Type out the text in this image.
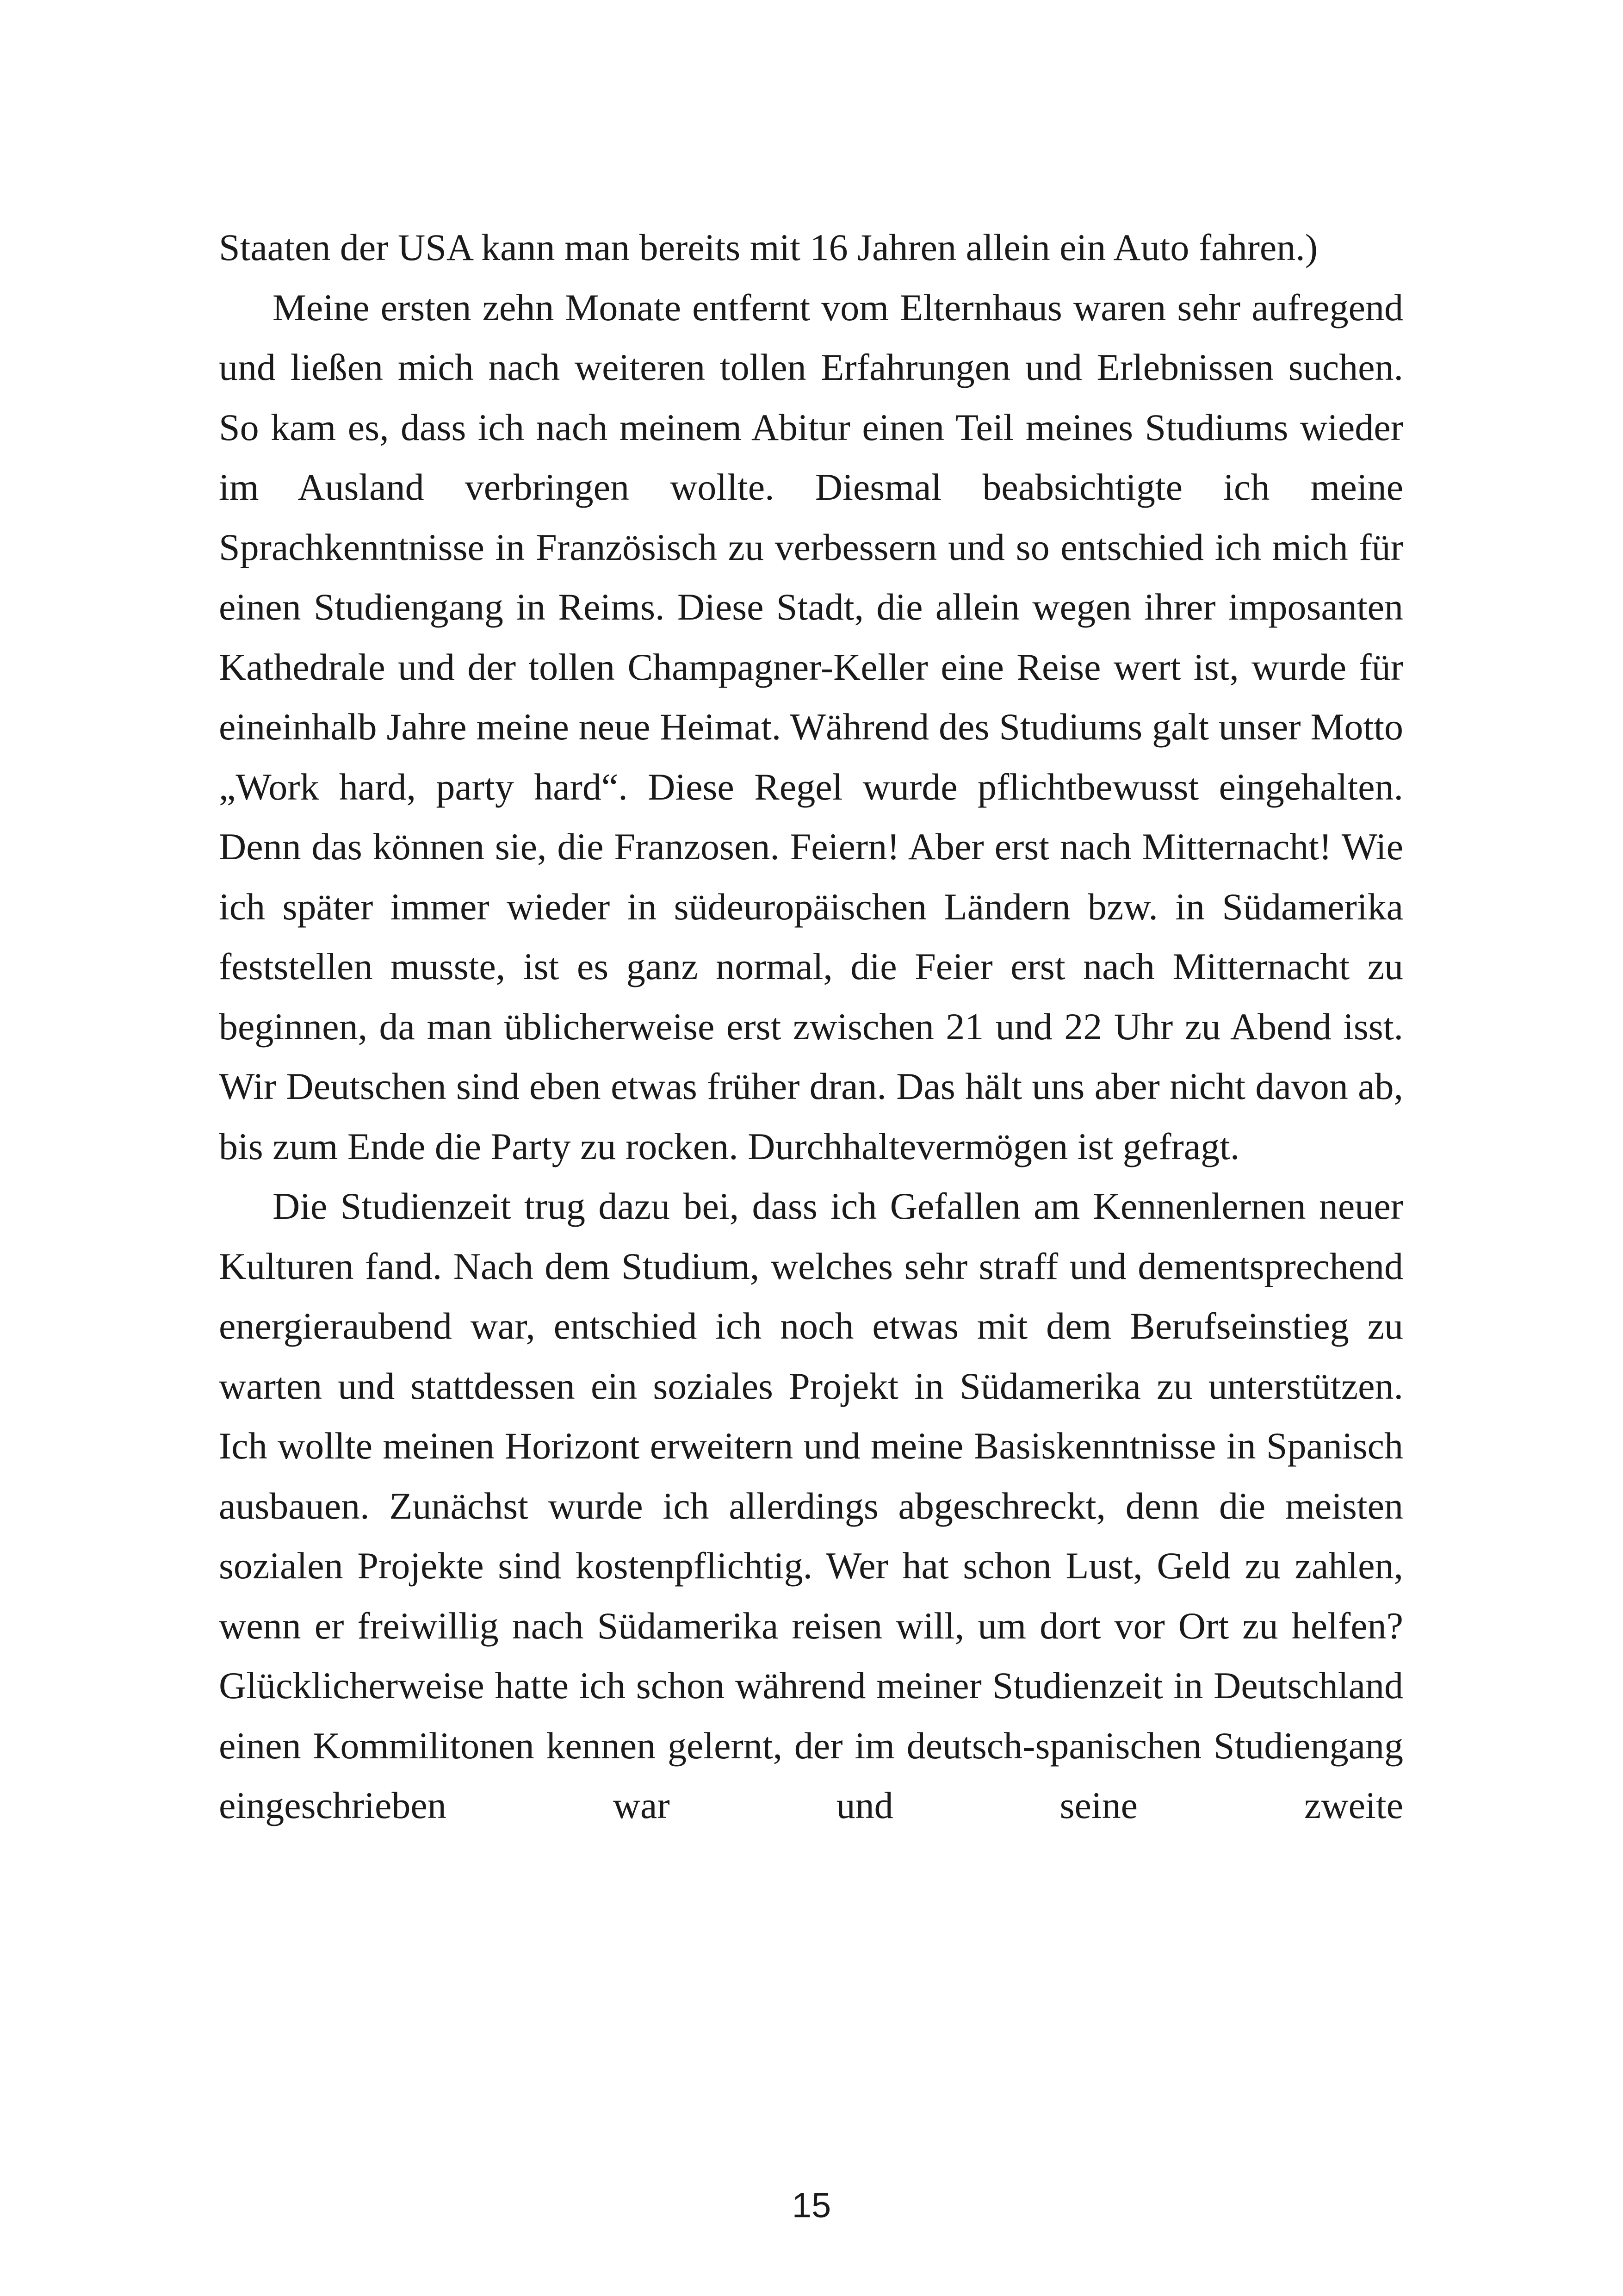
Staaten der USA kann man bereits mit 16 Jahren allein ein Auto fahren.)

Meine ersten zehn Monate entfernt vom Elternhaus waren sehr aufregend und ließen mich nach weiteren tollen Erfahrungen und Erlebnissen suchen. So kam es, dass ich nach meinem Abitur einen Teil meines Studiums wieder im Ausland verbringen wollte. Diesmal beabsichtigte ich meine Sprachkenntnisse in Französisch zu verbessern und so entschied ich mich für einen Studiengang in Reims. Diese Stadt, die allein wegen ihrer imposanten Kathedrale und der tollen Champagner-Keller eine Reise wert ist, wurde für eineinhalb Jahre meine neue Heimat. Während des Studiums galt unser Motto „Work hard, party hard“. Diese Regel wurde pflichtbewusst eingehalten. Denn das können sie, die Franzosen. Feiern! Aber erst nach Mitternacht! Wie ich später immer wieder in südeuropäischen Ländern bzw. in Südamerika feststellen musste, ist es ganz normal, die Feier erst nach Mitternacht zu beginnen, da man üblicherweise erst zwischen 21 und 22 Uhr zu Abend isst. Wir Deutschen sind eben etwas früher dran. Das hält uns aber nicht davon ab, bis zum Ende die Party zu rocken. Durchhaltevermögen ist gefragt.

Die Studienzeit trug dazu bei, dass ich Gefallen am Kennenlernen neuer Kulturen fand. Nach dem Studium, welches sehr straff und dementsprechend energieraubend war, entschied ich noch etwas mit dem Berufseinstieg zu warten und stattdessen ein soziales Projekt in Südamerika zu unterstützen. Ich wollte meinen Horizont erweitern und meine Basiskenntnisse in Spanisch ausbauen. Zunächst wurde ich allerdings abgeschreckt, denn die meisten sozialen Projekte sind kostenpflichtig. Wer hat schon Lust, Geld zu zahlen, wenn er freiwillig nach Südamerika reisen will, um dort vor Ort zu helfen? Glücklicherweise hatte ich schon während meiner Studienzeit in Deutschland einen Kommilitonen kennen gelernt, der im deutsch-spanischen Studiengang eingeschrieben war und seine zweite

15
